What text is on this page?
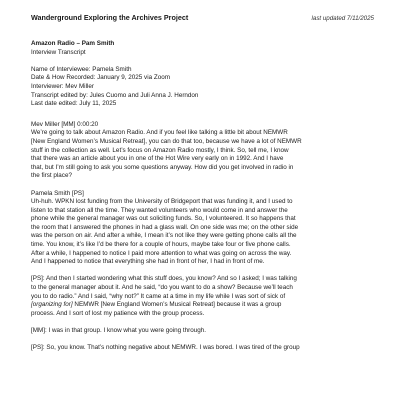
Wanderground Exploring the Archives Project	last updated 7/11/2025
Amazon Radio – Pam Smith
Interview Transcript
Name of Interviewee: Pamela Smith
Date & How Recorded: January 9, 2025 via Zoom
Interviewer: Mev Miller
Transcript edited by: Jules Cuomo and Juli Anna J. Herndon
Last date edited: July 11, 2025
Mev Miller [MM] 0:00:20
We’re going to talk about Amazon Radio. And if you feel like talking a little bit about NEMWR
[New England Women’s Musical Retreat], you can do that too, because we have a lot of NEMWR
stuff in the collection as well. Let’s focus on Amazon Radio mostly, I think. So, tell me, I know
that there was an article about you in one of the Hot Wire very early on in 1992. And I have
that, but I’m still going to ask you some questions anyway. How did you get involved in radio in
the first place?
Pamela Smith [PS]
Uh-huh. WPKN lost funding from the University of Bridgeport that was funding it, and I used to
listen to that station all the time. They wanted volunteers who would come in and answer the
phone while the general manager was out soliciting funds. So, I volunteered. It so happens that
the room that I answered the phones in had a glass wall. On one side was me; on the other side
was the person on air. And after a while, I mean it’s not like they were getting phone calls all the
time. You know, it’s like I’d be there for a couple of hours, maybe take four or five phone calls.
After a while, I happened to notice I paid more attention to what was going on across the way.
And I happened to notice that everything she had in front of her, I had in front of me.
[PS]: And then I started wondering what this stuff does, you know? And so I asked; I was talking
to the general manager about it. And he said, “do you want to do a show? Because we’ll teach
you to do radio.” And I said, “why not?” It came at a time in my life while I was sort of sick of
[organizing for] NEMWR [New England Women’s Musical Retreat] because it was a group
process. And I sort of lost my patience with the group process.
[MM]: I was in that group. I know what you were going through.
[PS]: So, you know. That’s nothing negative about NEMWR. I was bored. I was tired of the group
